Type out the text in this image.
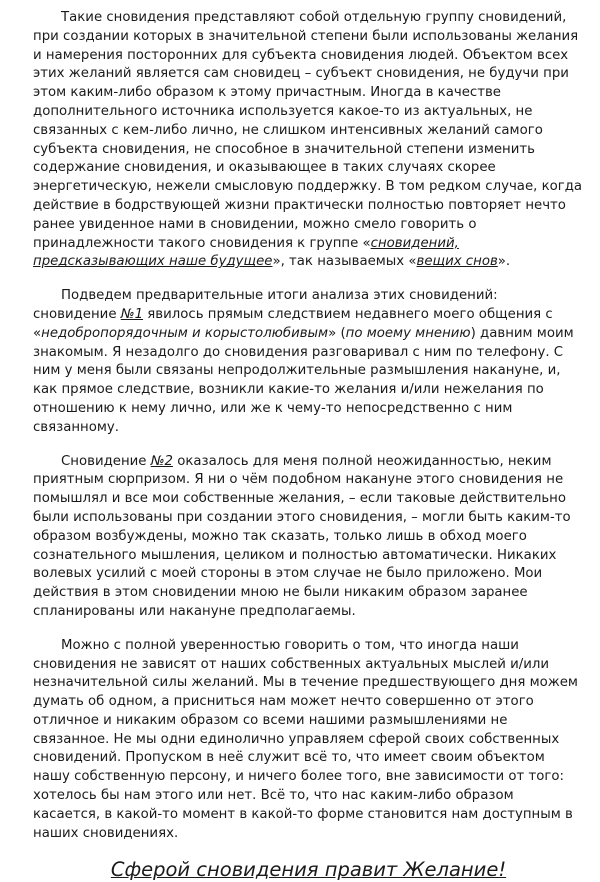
Такие сновидения представляют собой отдельную группу сновидений, при создании которых в значительной степени были использованы желания и намерения посторонних для субъекта сновидения людей. Объектом всех этих желаний является сам сновидец – субъект сновидения, не будучи при этом каким-либо образом к этому причастным. Иногда в качестве дополнительного источника используется какое-то из актуальных, не связанных с кем-либо лично, не слишком интенсивных желаний самого субъекта сновидения, не способное в значительной степени изменить содержание сновидения, и оказывающее в таких случаях скорее энергетическую, нежели смысловую поддержку. В том редком случае, когда действие в бодрствующей жизни практически полностью повторяет нечто ранее увиденное нами в сновидении, можно смело говорить о принадлежности такого сновидения к группе «сновидений, предсказывающих наше будущее», так называемых «вещих снов».

Подведем предварительные итоги анализа этих сновидений: сновидение №1 явилось прямым следствием недавнего моего общения с «недобропорядочным и корыстолюбивым» (по моему мнению) давним моим знакомым. Я незадолго до сновидения разговаривал с ним по телефону. С ним у меня были связаны непродолжительные размышления накануне, и, как прямое следствие, возникли какие-то желания и/или нежелания по отношению к нему лично, или же к чему-то непосредственно с ним связанному.

Сновидение №2 оказалось для меня полной неожиданностью, неким приятным сюрпризом. Я ни о чём подобном накануне этого сновидения не помышлял и все мои собственные желания, – если таковые действительно были использованы при создании этого сновидения, – могли быть каким-то образом возбуждены, можно так сказать, только лишь в обход моего сознательного мышления, целиком и полностью автоматически. Никаких волевых усилий с моей стороны в этом случае не было приложено. Мои действия в этом сновидении мною не были никаким образом заранее спланированы или накануне предполагаемы.

Можно с полной уверенностью говорить о том, что иногда наши сновидения не зависят от наших собственных актуальных мыслей и/или незначительной силы желаний. Мы в течение предшествующего дня можем думать об одном, а присниться нам может нечто совершенно от этого отличное и никаким образом со всеми нашими размышлениями не связанное. Не мы одни единолично управляем сферой своих собственных сновидений. Пропуском в неё служит всё то, что имеет своим объектом нашу собственную персону, и ничего более того, вне зависимости от того: хотелось бы нам этого или нет. Всё то, что нас каким-либо образом касается, в какой-то момент в какой-то форме становится нам доступным в наших сновидениях.

Сферой сновидения правит Желание!
